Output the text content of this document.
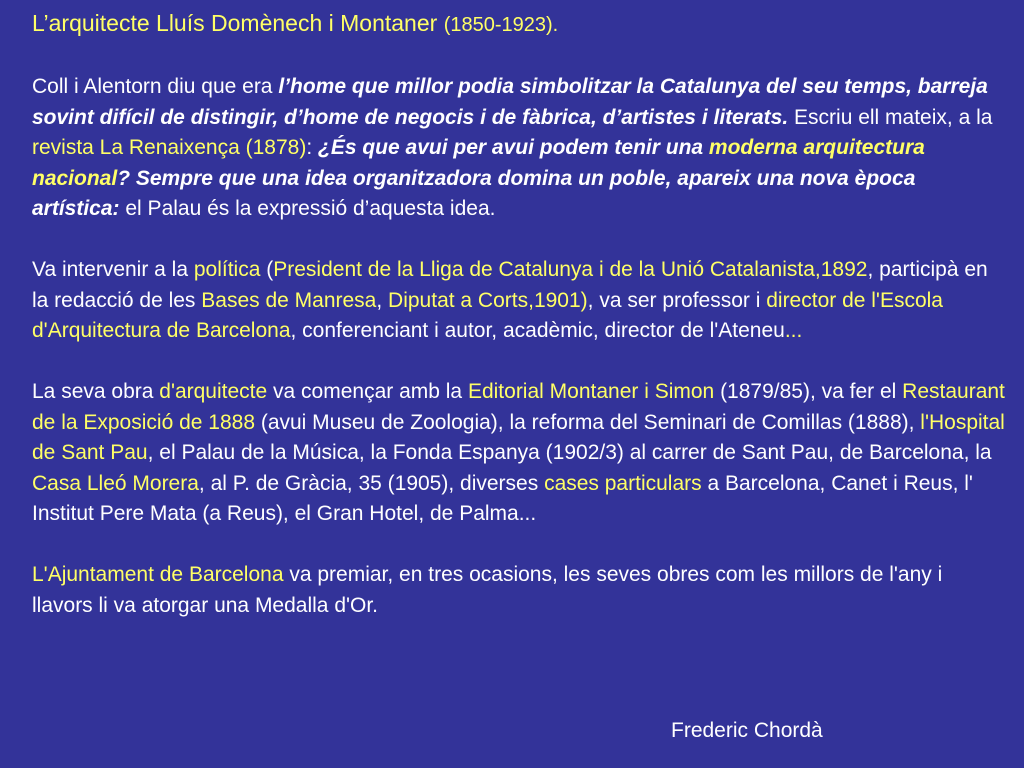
L’arquitecte Lluís Domènech i Montaner (1850-1923).

Coll i Alentorn diu que era l’home que millor podia simbolitzar la Catalunya del seu temps, barreja sovint difícil de distingir, d’home de negocis i de fàbrica, d’artistes i literats. Escriu ell mateix, a la revista La Renaixença (1878): ¿És que avui per avui podem tenir una moderna arquitectura nacional? Sempre que una idea organitzadora domina un poble, apareix una nova època artística: el Palau és la expressió d’aquesta idea.

Va intervenir a la política (President de la Lliga de Catalunya i de la Unió Catalanista,1892, participà en la redacció de les Bases de Manresa, Diputat a Corts,1901), va ser professor i director de l'Escola d'Arquitectura de Barcelona, conferenciant i autor, acadèmic, director de l'Ateneu...

La seva obra d'arquitecte va començar amb la Editorial Montaner i Simon (1879/85), va fer el Restaurant de la Exposició de 1888 (avui Museu de Zoologia), la reforma del Seminari de Comillas (1888), l'Hospital de Sant Pau, el Palau de la Música, la Fonda Espanya (1902/3) al carrer de Sant Pau, de Barcelona, la Casa Lleó Morera, al P. de Gràcia, 35 (1905), diverses cases particulars a Barcelona, Canet i Reus, l' Institut Pere Mata (a Reus), el Gran Hotel, de Palma...

L'Ajuntament de Barcelona va premiar, en tres ocasions, les seves obres com les millors de l'any i llavors li va atorgar una Medalla d'Or.

Frederic Chordà
